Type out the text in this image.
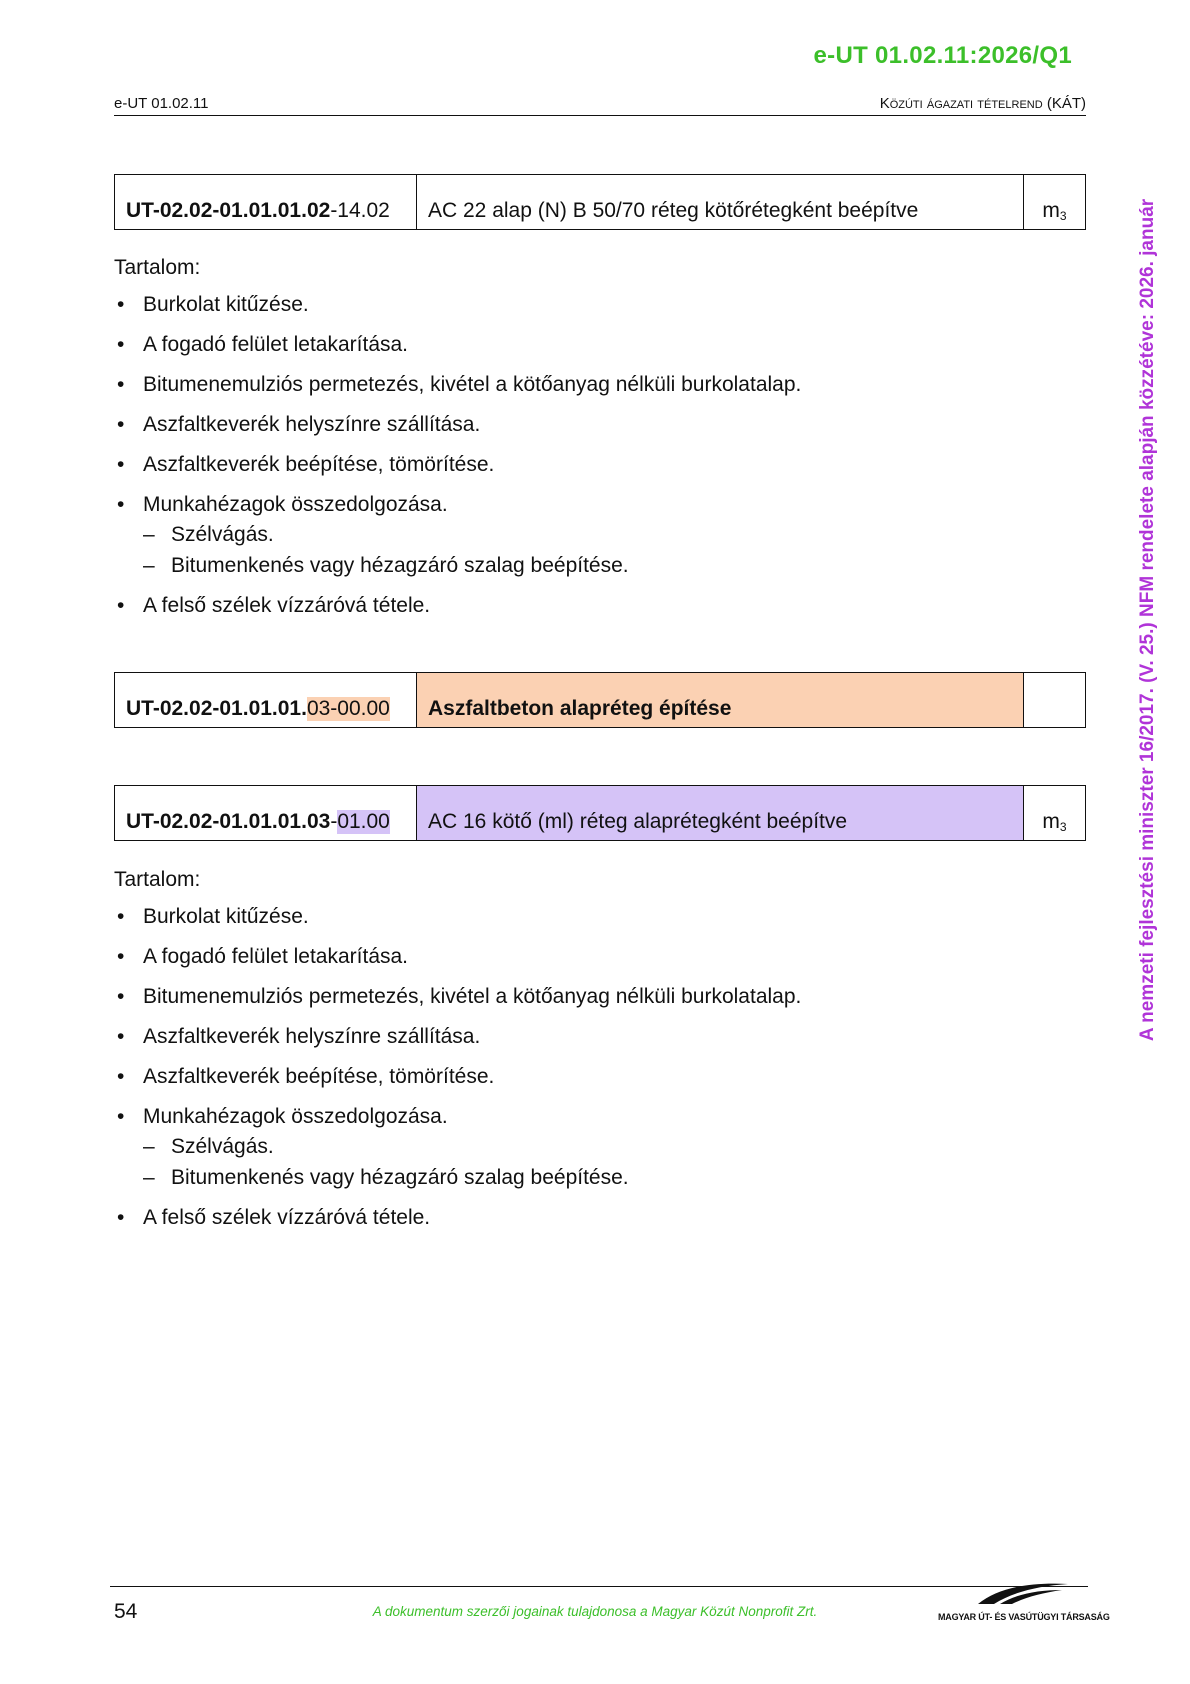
e-UT 01.02.11:2026/Q1
e-UT 01.02.11	Közúti ágazati tételrend (KÁT)
A nemzeti fejlesztési miniszter 16/2017. (V. 25.) NFM rendelete alapján közzétéve: 2026. január
UT-02.02-01.01.01.02 -14.02	AC 22 alap (N) B 50/70 réteg kötőrétegként beépítve	$m_3$
Tartalom:
• Burkolat kitűzése.
• A fogadó felület letakarítása.
• Bitumenemulziós permetezés, kivétel a kötőanyag nélküli burkolatalap.
• Aszfaltkeverék helyszínre szállítása.
• Aszfaltkeverék beépítése, tömörítése.
• Munkahézagok összedolgozása.
– Szélvágás.
– Bitumenkenés vagy hézagzáró szalag beépítése.
• A felső szélek vízzáróvá tétele.
UT-02.02-01.01.01. 03-00.00	Aszfaltbeton alapréteg építése
UT-02.02-01.01.01.03 - 01.00	AC 16 kötő (ml) réteg alaprétegként beépítve	$m_3$
Tartalom:
• Burkolat kitűzése.
• A fogadó felület letakarítása.
• Bitumenemulziós permetezés, kivétel a kötőanyag nélküli burkolatalap.
• Aszfaltkeverék helyszínre szállítása.
• Aszfaltkeverék beépítése, tömörítése.
• Munkahézagok összedolgozása.
– Szélvágás.
– Bitumenkenés vagy hézagzáró szalag beépítése.
• A felső szélek vízzáróvá tétele.
54	A dokumentum szerzői jogainak tulajdonosa a Magyar Közút Nonprofit Zrt.	MAGYAR ÚT- ÉS VASÚTÜGYI TÁRSASÁG
